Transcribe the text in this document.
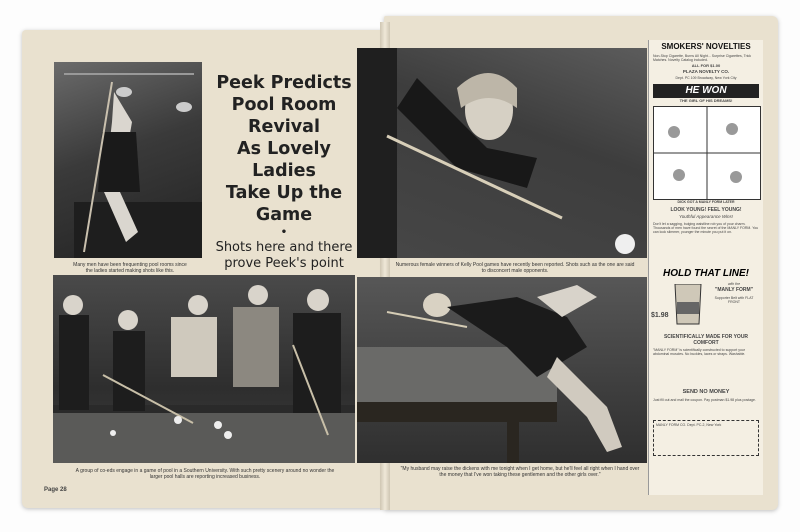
Many men have been frequenting pool rooms since the ladies started making shots like this.
Peek Predicts
Pool Room Revival
As Lovely Ladies
Take Up the Game
•
Shots here and there
prove Peek's point
A group of co-eds engage in a game of pool in a Southern University. With such pretty scenery around no wonder the larger pool halls are reporting increased business.
Page 28
Numerous female winners of Kelly Pool games have recently been reported. Shots such as the one are said to disconcert male opponents.
"My husband may raise the dickens with me tonight when I get home, but he'll feel all right when I hand over the money that I've won taking these gentlemen and the other girls over."
SMOKERS' NOVELTIES
Non-Stop Cigarette, Burns All Night... Surprise Cigarettes, Trick Matches. Novelty Catalog included.
ALL FOR $1.00
PLAZA NOVELTY CO.
Dept. PC 109 Broadway, New York City
HE WON
THE GIRL OF HIS DREAMS!
DICK GOT A MANLY FORM LATER
LOOK YOUNG! FEEL YOUNG!
Youthful Appearance Wins!
Don't let a sagging, bulging waistline rob you of your charm. Thousands of men have found the secret of the MANLY FORM. You can look slimmer, younger the minute you put it on.
HOLD THAT LINE!
with the
"MANLY FORM"
Supporter Belt with FLAT FRONT
$1.98
SCIENTIFICALLY MADE FOR YOUR COMFORT
"MANLY FORM" is scientifically constructed to support your abdominal muscles. No buckles, laces or straps. Washable.
SEND NO MONEY
Just fill out and mail the coupon. Pay postman $1.98 plus postage.
MANLY FORM CO. Dept. PC-2, New York
